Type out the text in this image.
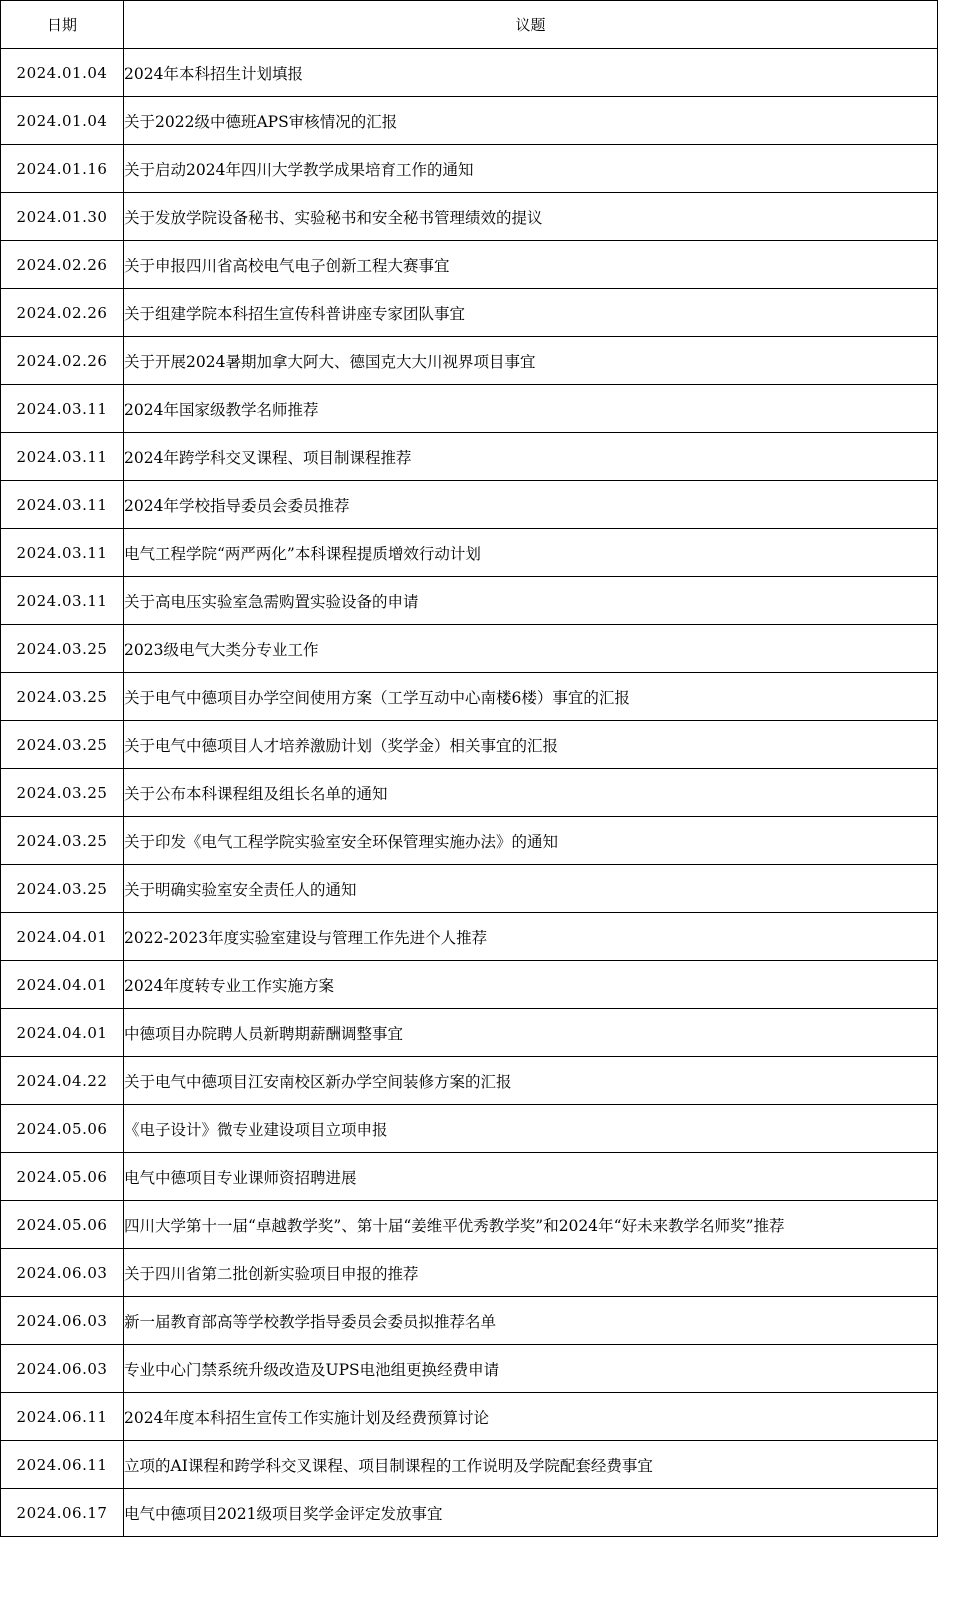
日期	议题
2024.01.04	2024年本科招生计划填报
2024.01.04	关于2022级中德班APS审核情况的汇报
2024.01.16	关于启动2024年四川大学教学成果培育工作的通知
2024.01.30	关于发放学院设备秘书、实验秘书和安全秘书管理绩效的提议
2024.02.26	关于申报四川省高校电气电子创新工程大赛事宜
2024.02.26	关于组建学院本科招生宣传科普讲座专家团队事宜
2024.02.26	关于开展2024暑期加拿大阿大、德国克大大川视界项目事宜
2024.03.11	2024年国家级教学名师推荐
2024.03.11	2024年跨学科交叉课程、项目制课程推荐
2024.03.11	2024年学校指导委员会委员推荐
2024.03.11	电气工程学院“两严两化”本科课程提质增效行动计划
2024.03.11	关于高电压实验室急需购置实验设备的申请
2024.03.25	2023级电气大类分专业工作
2024.03.25	关于电气中德项目办学空间使用方案（工学互动中心南楼6楼）事宜的汇报
2024.03.25	关于电气中德项目人才培养激励计划（奖学金）相关事宜的汇报
2024.03.25	关于公布本科课程组及组长名单的通知
2024.03.25	关于印发《电气工程学院实验室安全环保管理实施办法》的通知
2024.03.25	关于明确实验室安全责任人的通知
2024.04.01	2022-2023年度实验室建设与管理工作先进个人推荐
2024.04.01	2024年度转专业工作实施方案
2024.04.01	中德项目办院聘人员新聘期薪酬调整事宜
2024.04.22	关于电气中德项目江安南校区新办学空间装修方案的汇报
2024.05.06	《电子设计》微专业建设项目立项申报
2024.05.06	电气中德项目专业课师资招聘进展
2024.05.06	四川大学第十一届“卓越教学奖”、第十届“姜维平优秀教学奖”和2024年“好未来教学名师奖”推荐
2024.06.03	关于四川省第二批创新实验项目申报的推荐
2024.06.03	新一届教育部高等学校教学指导委员会委员拟推荐名单
2024.06.03	专业中心门禁系统升级改造及UPS电池组更换经费申请
2024.06.11	2024年度本科招生宣传工作实施计划及经费预算讨论
2024.06.11	立项的AI课程和跨学科交叉课程、项目制课程的工作说明及学院配套经费事宜
2024.06.17	电气中德项目2021级项目奖学金评定发放事宜
